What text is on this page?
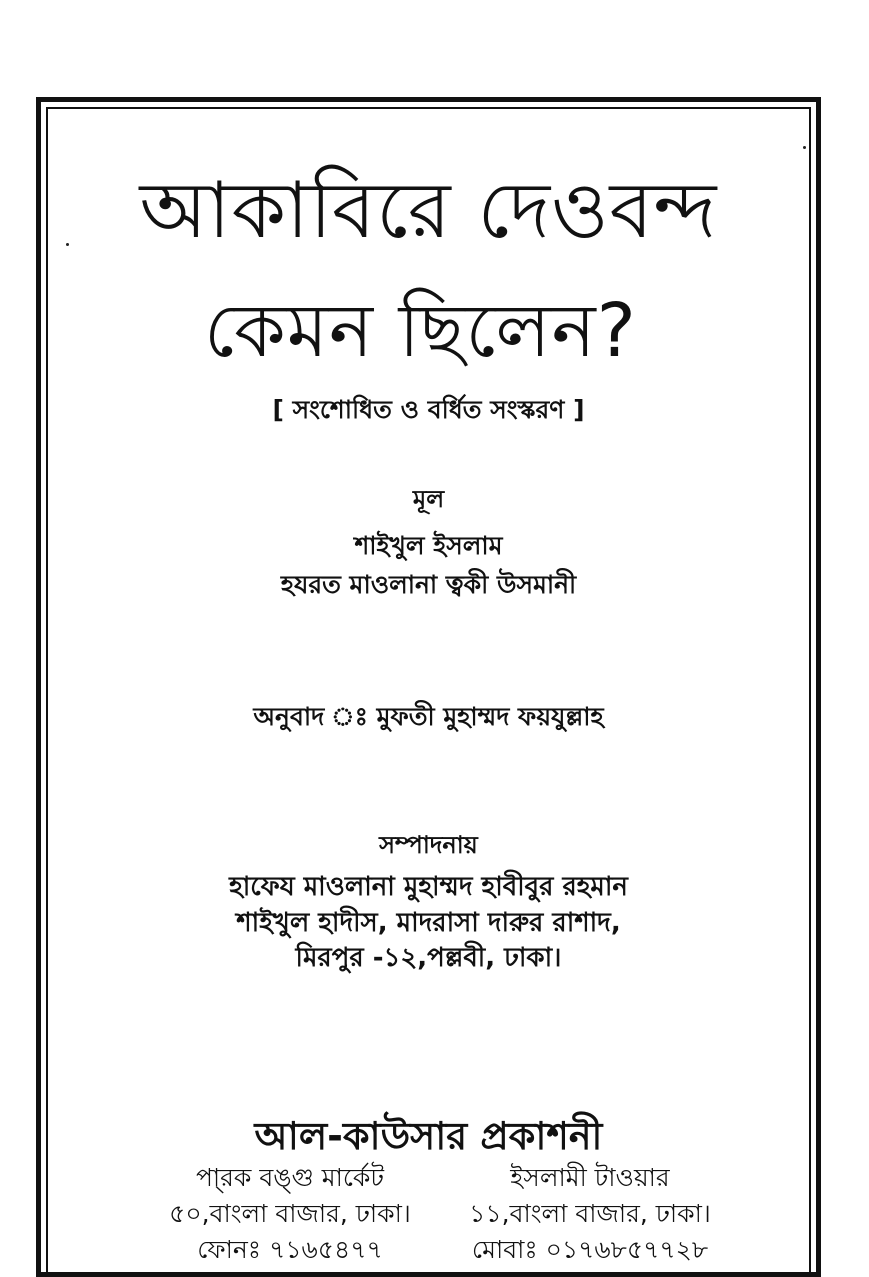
আকাবিরে দেওবন্দ
কেমন ছিলেন?
[ সংশোধিত ও বর্ধিত সংস্করণ ]
মূল
শাইখুল ইসলাম
হযরত মাওলানা ত্বকী উসমানী
অনুবাদ ঃ মুফতী মুহাম্মদ ফয়যুল্লাহ
সম্পাদনায়
হাফেয মাওলানা মুহাম্মদ হাবীবুর রহমান
শাইখুল হাদীস, মাদরাসা দারুর রাশাদ,
মিরপুর -১২,পল্লবী, ঢাকা।
আল-কাউসার প্রকাশনী
পা্রক বঙ্গু মার্কেট	ইসলামী টাওয়ার
৫০,বাংলা বাজার, ঢাকা।	১১,বাংলা বাজার, ঢাকা।
ফোনঃ ৭১৬৫৪৭৭	মোবাঃ ০১৭৬৮৫৭৭২৮
